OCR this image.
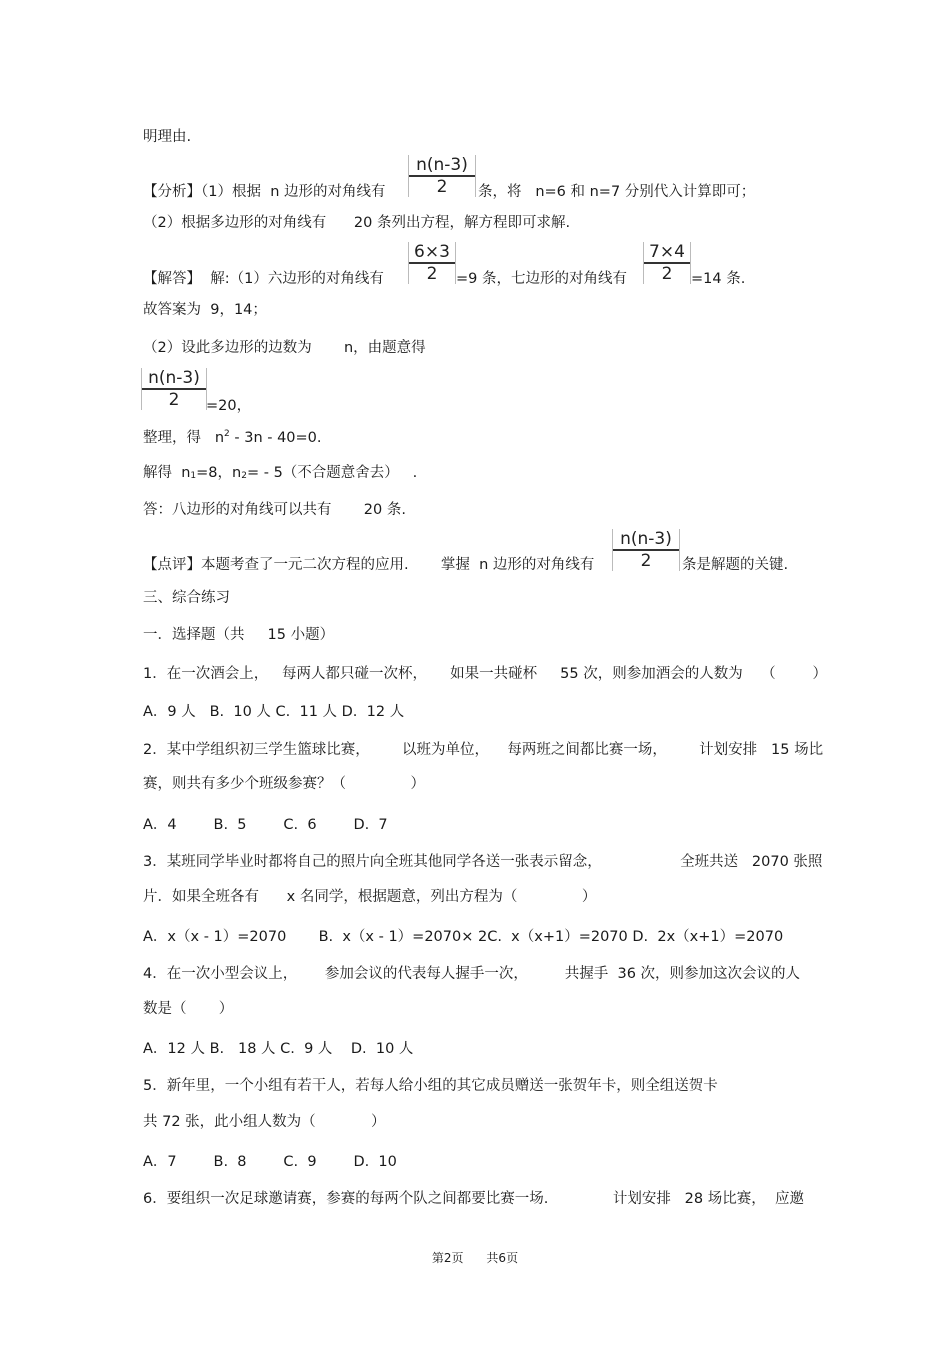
明理由.
$\frac{n(n-3)}{2}$
【分析】（1）根据  n 边形的对角线有	条，将   n=6 和 n=7 分别代入计算即可；
（2）根据多边形的对角线有      20 条列出方程，解方程即可求解.
$\frac{6\times 3}{2}$	$\frac{7\times 4}{2}$
【解答】  解:（1）六边形的对角线有	=9 条，七边形的对角线有	=14 条.
故答案为  9，14；
（2）设此多边形的边数为       n，由题意得
$\frac{n(n-3)}{2} =20$，
整理，得   $n^2 - 3n - 40=0$.
解得  $n_1=8$，$n_2= - 5$（不合题意舍去）   .
答：八边形的对角线可以共有       20 条.
$\frac{n(n-3)}{2}$
【点评】本题考查了一元二次方程的应用.       掌握  n 边形的对角线有	条是解题的关键.
三、综合练习
一．选择题（共     15 小题）
1．在一次酒会上，   每两人都只碰一次杯，     如果一共碰杯     55 次，则参加酒会的人数为    （        ）
A．9 人   B.  10 人 C.  11 人 D.  12 人
2．某中学组织初三学生篮球比赛，       以班为单位，    每两班之间都比赛一场，       计划安排   15 场比
赛，则共有多少个班级参赛？（              ）
A．4        B.  5        C.  6        D.  7
3．某班同学毕业时都将自己的照片向全班其他同学各送一张表示留念，                 全班共送   2070 张照
片．如果全班各有      x 名同学，根据题意，列出方程为（              ）
A．x（x - 1）=2070       B.  x（x - 1）=2070× 2C.  x（x+1）=2070 D.  2x（x+1）=2070
4．在一次小型会议上，      参加会议的代表每人握手一次，        共握手  36 次，则参加这次会议的人
数是（       ）
A．12 人 B.   18 人 C.  9 人    D.  10 人
5．新年里，一个小组有若干人，若每人给小组的其它成员赠送一张贺年卡，则全组送贺卡
共 72 张，此小组人数为（            ）
A．7        B.  8        C.  9        D.  10
6．要组织一次足球邀请赛，参赛的每两个队之间都要比赛一场.              计划安排   28 场比赛，  应邀
第2页      共6页
